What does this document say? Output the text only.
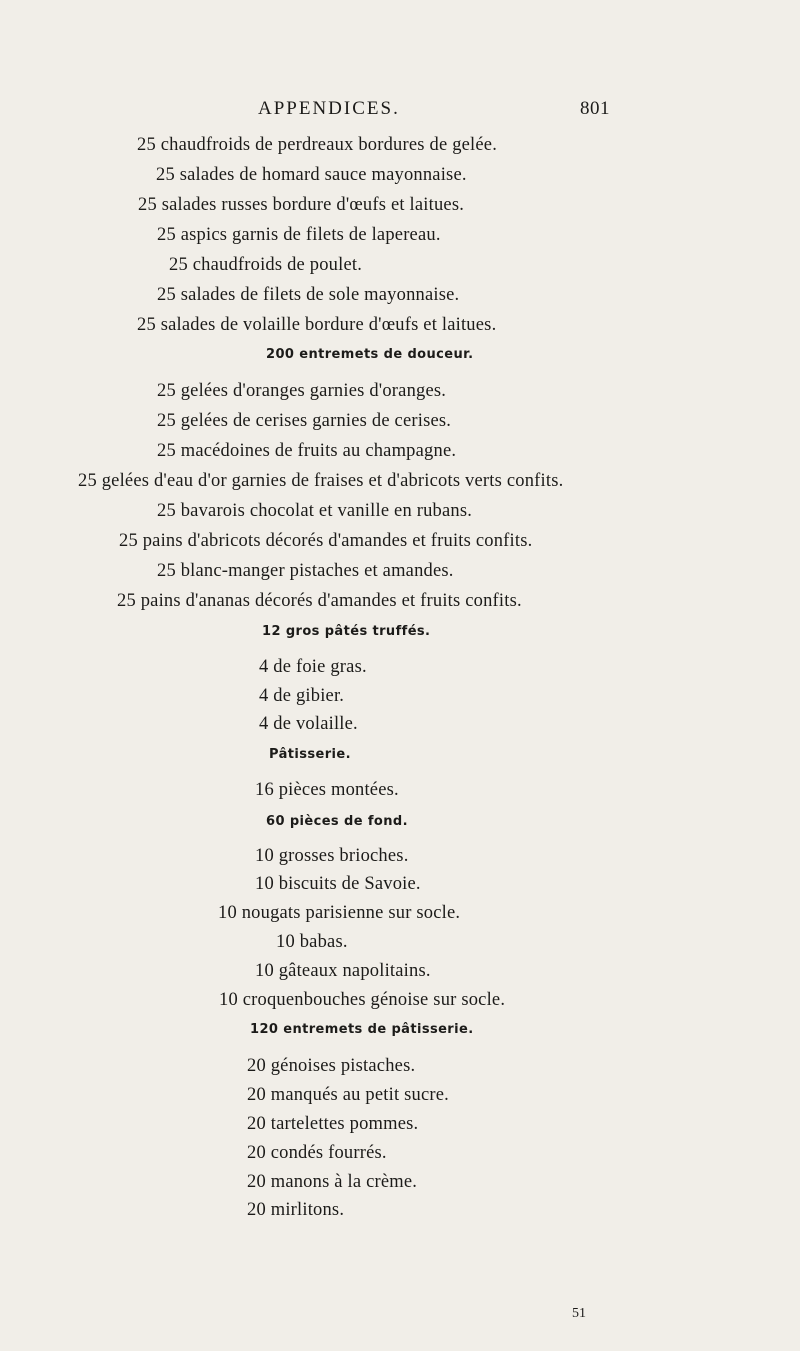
APPENDICES.	801
25 chaudfroids de perdreaux bordures de gelée.
25 salades de homard sauce mayonnaise.
25 salades russes bordure d'œufs et laitues.
25 aspics garnis de filets de lapereau.
25 chaudfroids de poulet.
25 salades de filets de sole mayonnaise.
25 salades de volaille bordure d'œufs et laitues.
200 entremets de douceur.
25 gelées d'oranges garnies d'oranges.
25 gelées de cerises garnies de cerises.
25 macédoines de fruits au champagne.
25 gelées d'eau d'or garnies de fraises et d'abricots verts confits.
25 bavarois chocolat et vanille en rubans.
25 pains d'abricots décorés d'amandes et fruits confits.
25 blanc-manger pistaches et amandes.
25 pains d'ananas décorés d'amandes et fruits confits.
12 gros pâtés truffés.
4 de foie gras.
4 de gibier.
4 de volaille.
Pâtisserie.
16 pièces montées.
60 pièces de fond.
10 grosses brioches.
10 biscuits de Savoie.
10 nougats parisienne sur socle.
10 babas.
10 gâteaux napolitains.
10 croquenbouches génoise sur socle.
120 entremets de pâtisserie.
20 génoises pistaches.
20 manqués au petit sucre.
20 tartelettes pommes.
20 condés fourrés.
20 manons à la crème.
20 mirlitons.
51
